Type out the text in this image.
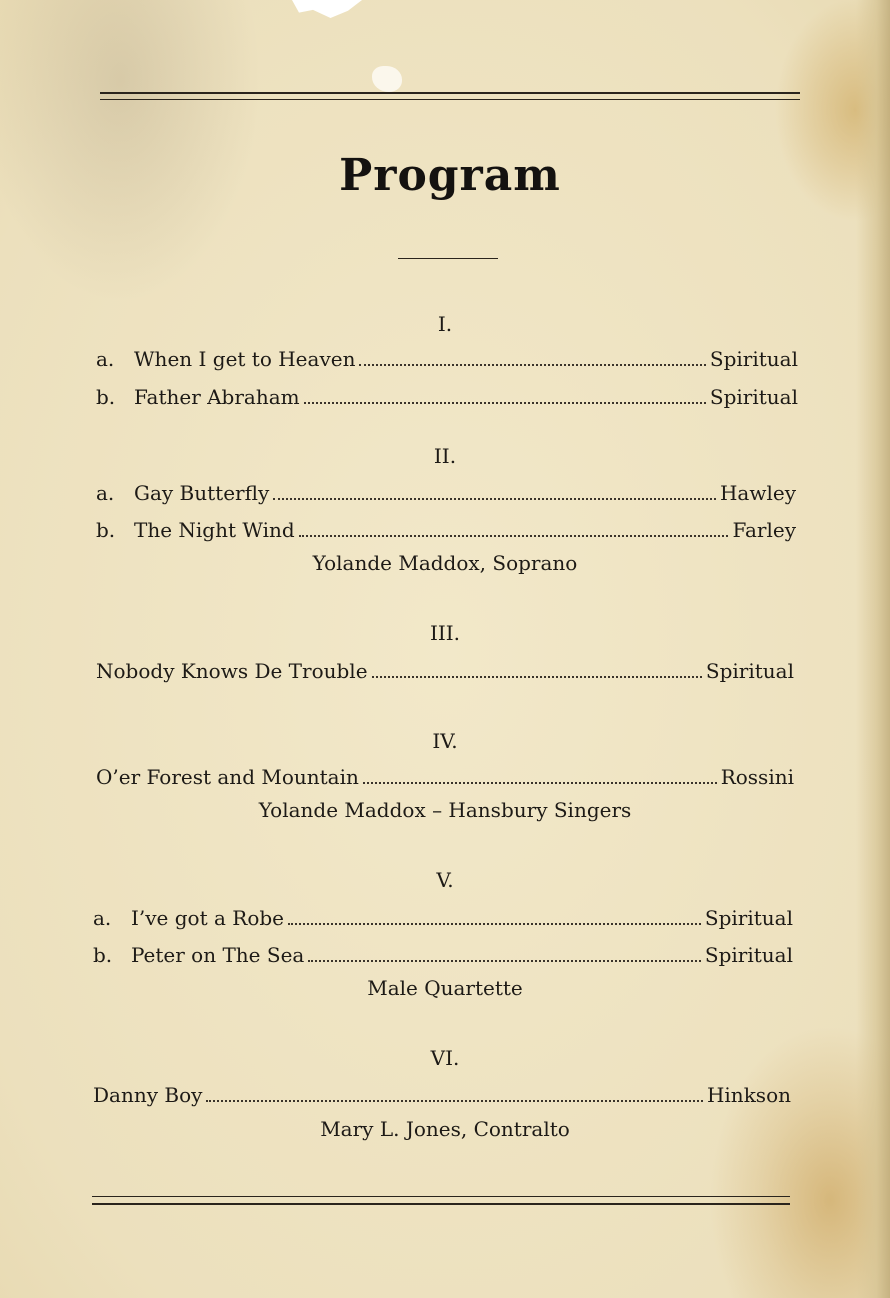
Program
I.
a. When I get to Heaven	Spiritual
b. Father Abraham	Spiritual
II.
a. Gay Butterfly	Hawley
b. The Night Wind	Farley
Yolande Maddox, Soprano
III.
Nobody Knows De Trouble	Spiritual
IV.
O’er Forest and Mountain	Rossini
Yolande Maddox – Hansbury Singers
V.
a. I’ve got a Robe	Spiritual
b. Peter on The Sea	Spiritual
Male Quartette
VI.
Danny Boy	Hinkson
Mary L. Jones, Contralto
